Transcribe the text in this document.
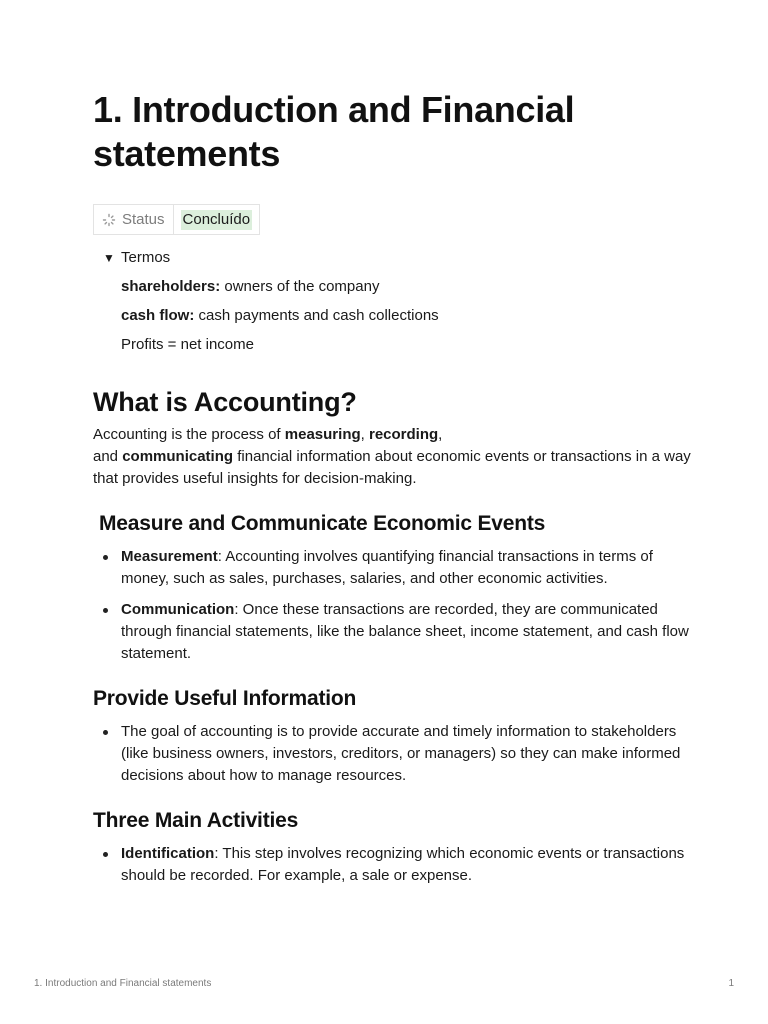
1. Introduction and Financial statements
Status Concluído
▼ Termos

shareholders: owners of the company

cash flow: cash payments and cash collections

Profits = net income

What is Accounting?

Accounting is the process of measuring, recording,
and communicating financial information about economic events or transactions in a way that provides useful insights for decision-making.

Measure and Communicate Economic Events
Measurement: Accounting involves quantifying financial transactions in terms of money, such as sales, purchases, salaries, and other economic activities.
Communication: Once these transactions are recorded, they are communicated through financial statements, like the balance sheet, income statement, and cash flow statement.
Provide Useful Information
The goal of accounting is to provide accurate and timely information to stakeholders (like business owners, investors, creditors, or managers) so they can make informed decisions about how to manage resources.
Three Main Activities
Identification: This step involves recognizing which economic events or transactions should be recorded. For example, a sale or expense.
1. Introduction and Financial statements	1
